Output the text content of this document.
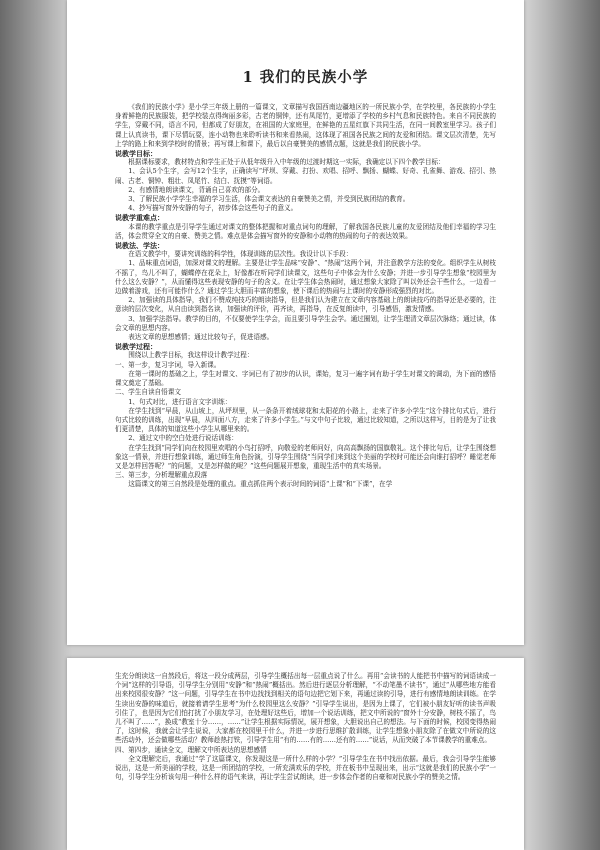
1 我们的民族小学

《我们的民族小学》是小学三年级上册的一篇课文，文章描写我国西南边疆地区的一所民族小学，在学校里，各民族的小学生身着鲜艳的民族服装，把学校装点得绚丽多彩，古老的铜钟，还有凤尾竹，更增添了学校的乡村气息和民族特色。来自不同民族的学生，穿戴不同，语言不同，但都成了好朋友，在祖国的大家庭里，在鲜艳的五星红旗下共同生活，在同一间教室里学习。孩子们课上认真读书，课下尽情玩耍，连小动物也来聆听读书和来看热闹，这体现了祖国各民族之间的友爱和团结。课文层次清楚，先写上学的路上和来到学校时的情景；再写课上和课下，最后以自豪赞美的感情点题，这就是我们的民族小学。

说教学目标：

根据课标要求，教材特点和学生正处于从低年级升入中年级的过渡时期这一实际，我确定以下四个教学目标：

1、会认5个生字，会写12个生字，正确读写“坪坝、穿戴、打扮、欢唱、招呼、飘扬、蝴蝶、好奇、孔雀舞、游戏、招引、热闹、古老、铜钟、粗壮、凤尾竹、结白、抚摸”等词语。

2、有感情地朗读课文，背诵自己喜欢的部分。

3、了解民族小学学生幸福的学习生活，体会课文表达的自豪赞美之情，并受到民族团结的教育。

4、抄写描写窗外安静的句子，初步体会这些句子的意义。

说教学重难点：

本课的教学重点是引导学生通过对课文的整体把握和对重点词句的理解，了解我国各民族儿童的友爱团结及他们幸福的学习生活，体会贯穿全文的自豪、赞美之情。难点是体会描写窗外的安静和小动物的热闹的句子的表达效果。

说教法、学法：

在语文教学中，要讲究训练的科学性，体现训练的层次性。我设计以下手段：

1、品味重点词语，加深对课文的理解。主要是让学生品味“安静”、“热闹”这两个词，并注意教学方法的变化。组织学生从树枝不摇了，鸟儿不叫了，蝴蝶停在花朵上，好像都在听同学们读课文，这些句子中体会为什么安静；并进一步引导学生想象“校园里为什么这么安静？”，从而懂得这些表现安静的句子的含义。在让学生体会热闹时，通过想象大家除了叫以外还会干些什么，一边看一边做着游戏，还有可能作什么？通过学生大胆而丰富的想象，使下课后的热闹与上课时的安静形成强烈的对比。

2、加强读的具体指导，我们不赞成纯技巧的朗读指导，但是我们认为建立在文章内容基础上的朗读技巧的指导还是必要的，注意读的层次变化，从自由读到指名读，加强读的评价，再齐读，再指导，在反复朗读中，引导感悟，激发情感。

3、加强学法指导。教学的目的，不仅要使学生学会，而且要引导学生会学。通过圈划，让学生理清文章层次脉络；通过读，体会文章的思想内容。

表达文章的思想感情；通过比较句子，促进语感。

说教学过程：

围绕以上教学目标，我这样设计教学过程：

一、第一步，复习字词，导入新课。

在第一课时的基础之上，学生对课文、字词已有了初步的认识，课始，复习一遍字词有助于学生对课文的调动，为下面的感悟课文奠定了基础。

二、学生自读自悟课文

1、句式对比，进行语言文字训练：

在学生找到“早晨，从山坡上，从坪坝里，从一条条开着绒球花和太阳花的小路上，走来了许多小学生”这个排比句式后，进行句式比较的训练，出现“早晨，从四面八方，走来了许多小学生。”与文中句子比较，通过比较知道，之所以这样写，目的是为了让我们更清楚，具体的知道这些小学生从哪里来的。

2、通过文中的空白处进行说话训练：

在学生找到“同学们向在校园里欢唱的小鸟打招呼，向敬爱的老师问好，向高高飘扬的国旗敬礼。这个排比句后，让学生围绕想象这一情景，并进行想象训练，通过师生角色扮演，引导学生围绕“当同学们来到这个美丽的学校时可能还会向谁打招呼？睡觉老师又是怎样回答呢？”的问题，又是怎样做的呢？”这些问题展开想象，重现生活中的真实场景。

三、第三步，分析理解重点段落

这篇课文的第三自然段是处理的重点。重点抓住两个表示时间的词语“上课”和“下课”，在学

生充分朗读这一自然段后，将这一段分成两层，引导学生概括出每一层重点说了什么。再用“会读书的人能把书中描写的词语读成一个词”这样的引导语，引导学生分别用“安静”和“热闹”概括出。然后进行逐层分析理解，“不动笔墨不读书”，通过“从哪些地方能看出来校园很安静？”这一问题，引导学生在书中边找找到相关的语句边把它划下来，再通过读的引导，进行有感情地朗读训练。在学生读出安静的味道后，就接着请学生思考“为什么校园里这么安静？”引导学生说出，是因为上课了，它们被小朋友好听的读书声吸引住了，也是因为它们怕打扰了小朋友学习，在处理好这些后，增加一个说话训练，把文中所说的“窗外十分安静，树枝不摇了，鸟儿不叫了……”，换成“教室十分……，……”让学生根据实际情况，展开想象，大胆说出自己的想法。与下面的时候，校园变得热闹了，这时候，我就会让学生说说，大家都在校园里干什么，并进一步进行思维扩散训练，让学生想象小朋友除了在做文中所说的这些活动外，还会做哪些活动？教师趁热打铁，引导学生用“有的……有的……还有的……”说话，从而突破了本节课教学的重难点。

四、第四步，通读全文，理解文中所表达的思想感情

全文理解完后，我通过“学了这篇课文，你发现这是一所什么样的小学？”引导学生在书中找出依据。最后，我会引导学生能够说出，这是一所美丽的学校，这是一所团结的学校，一所充满欢乐的学校，并在板书中呈现出来，出示“这就是我们的民族小学”一句，引导学生分析该句用一种什么样的语气来读，再让学生尝试朗读，进一步体会作者的自豪和对民族小学的赞美之情。
